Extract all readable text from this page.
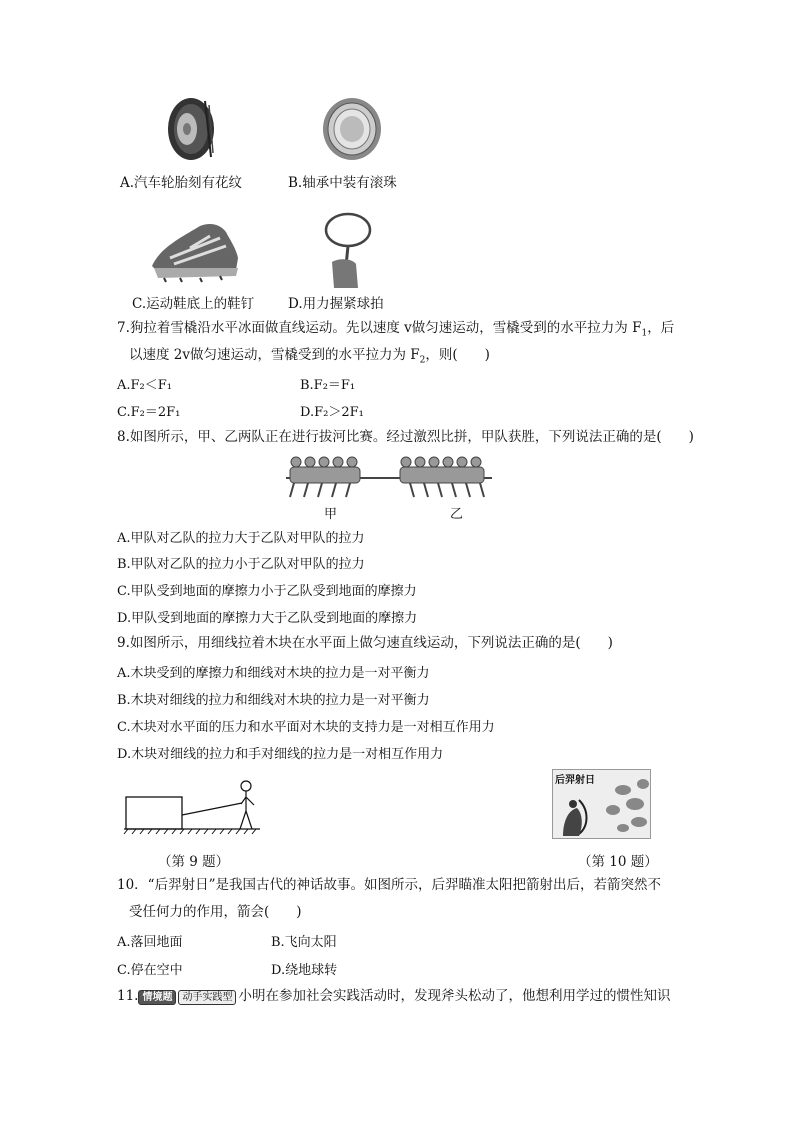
A.汽车轮胎刻有花纹	B.轴承中装有滚珠
C.运动鞋底上的鞋钉	D.用力握紧球拍
7.狗拉着雪橇沿水平冰面做直线运动。先以速度 v做匀速运动，雪橇受到的水平拉力为 $F_1$，后
以速度 2v做匀速运动，雪橇受到的水平拉力为 $F_2$，则(　　)
A.F₂＜F₁	B.F₂＝F₁
C.F₂＝2F₁	D.F₂＞2F₁
8.如图所示，甲、乙两队正在进行拔河比赛。经过激烈比拼，甲队获胜，下列说法正确的是(　　)
甲	乙
A.甲队对乙队的拉力大于乙队对甲队的拉力
B.甲队对乙队的拉力小于乙队对甲队的拉力
C.甲队受到地面的摩擦力小于乙队受到地面的摩擦力
D.甲队受到地面的摩擦力大于乙队受到地面的摩擦力
9.如图所示，用细线拉着木块在水平面上做匀速直线运动，下列说法正确的是(　　)
A.木块受到的摩擦力和细线对木块的拉力是一对平衡力
B.木块对细线的拉力和细线对木块的拉力是一对平衡力
C.木块对水平面的压力和水平面对木块的支持力是一对相互作用力
D.木块对细线的拉力和手对细线的拉力是一对相互作用力
（第 9 题）
后羿射日
（第 10 题）
10．“后羿射日”是我国古代的神话故事。如图所示，后羿瞄准太阳把箭射出后，若箭突然不
受任何力的作用，箭会(　　)
A.落回地面	B.飞向太阳
C.停在空中	D.绕地球转
11. 情境题 动手实践型 小明在参加社会实践活动时，发现斧头松动了，他想利用学过的惯性知识
